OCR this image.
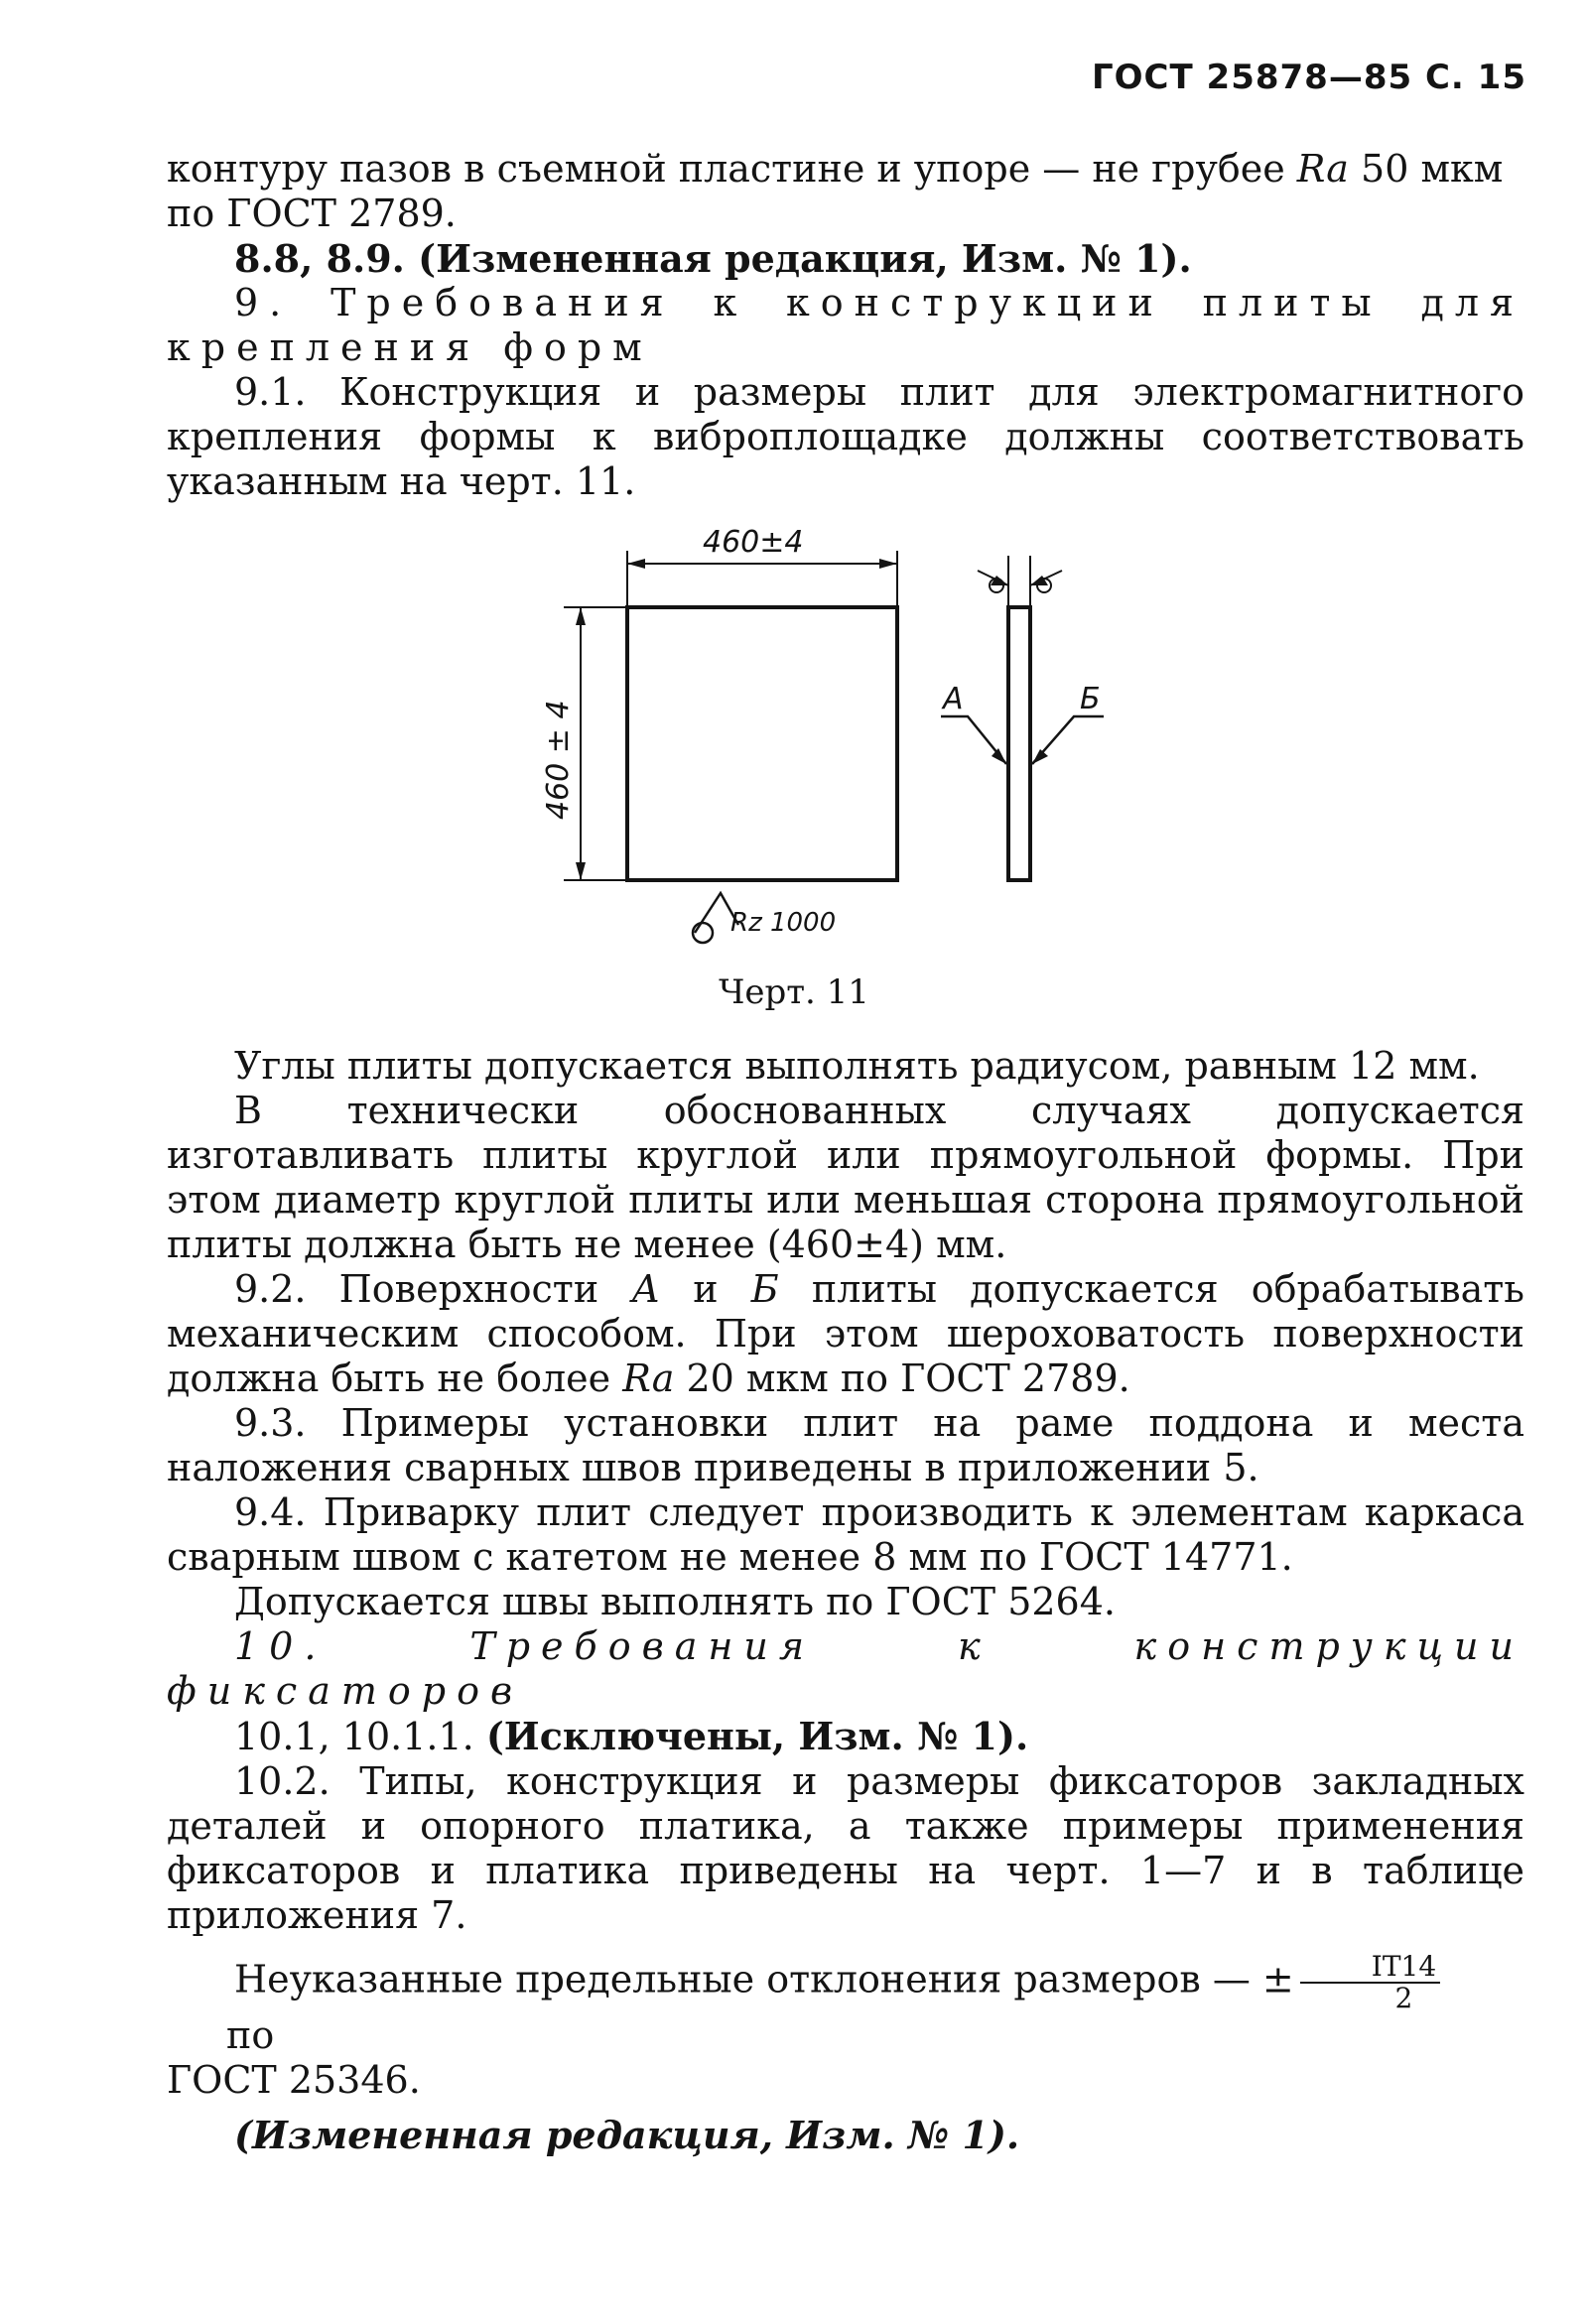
ГОСТ 25878—85 С. 15

контуру пазов в съемной пластине и упоре — не грубее Ra 50 мкм

по ГОСТ 2789.

8.8, 8.9. (Измененная редакция, Изм. № 1).

9. Требования к конструкции плиты для крепления форм

9.1. Конструкция и размеры плит для электромагнитного крепления формы к виброплощадке должны соответствовать указанным на черт. 11.

460±4
460 ± 4
Rz 1000
А	Б
Черт. 11

Углы плиты допускается выполнять радиусом, равным 12 мм.

В технически обоснованных случаях допускается изготавливать плиты круглой или прямоугольной формы. При этом диаметр круглой плиты или меньшая сторона прямоугольной плиты должна быть не менее (460±4) мм.

9.2. Поверхности А и Б плиты допускается обрабатывать механическим способом. При этом шероховатость поверхности должна быть не более Ra 20 мкм по ГОСТ 2789.

9.3. Примеры установки плит на раме поддона и места наложения сварных швов приведены в приложении 5.

9.4. Приварку плит следует производить к элементам каркаса сварным швом с катетом не менее 8 мм по ГОСТ 14771.

Допускается швы выполнять по ГОСТ 5264.

10. Требования к конструкции фиксаторов

10.1, 10.1.1. (Исключены, Изм. № 1).

10.2. Типы, конструкция и размеры фиксаторов закладных деталей и опорного платика, а также примеры применения фиксаторов и платика приведены на черт. 1—7 и в таблице приложения 7.

Неуказанные предельные отклонения размеров — ± $\frac{IT14}{2}$
по

ГОСТ 25346.

(Измененная редакция, Изм. № 1).
